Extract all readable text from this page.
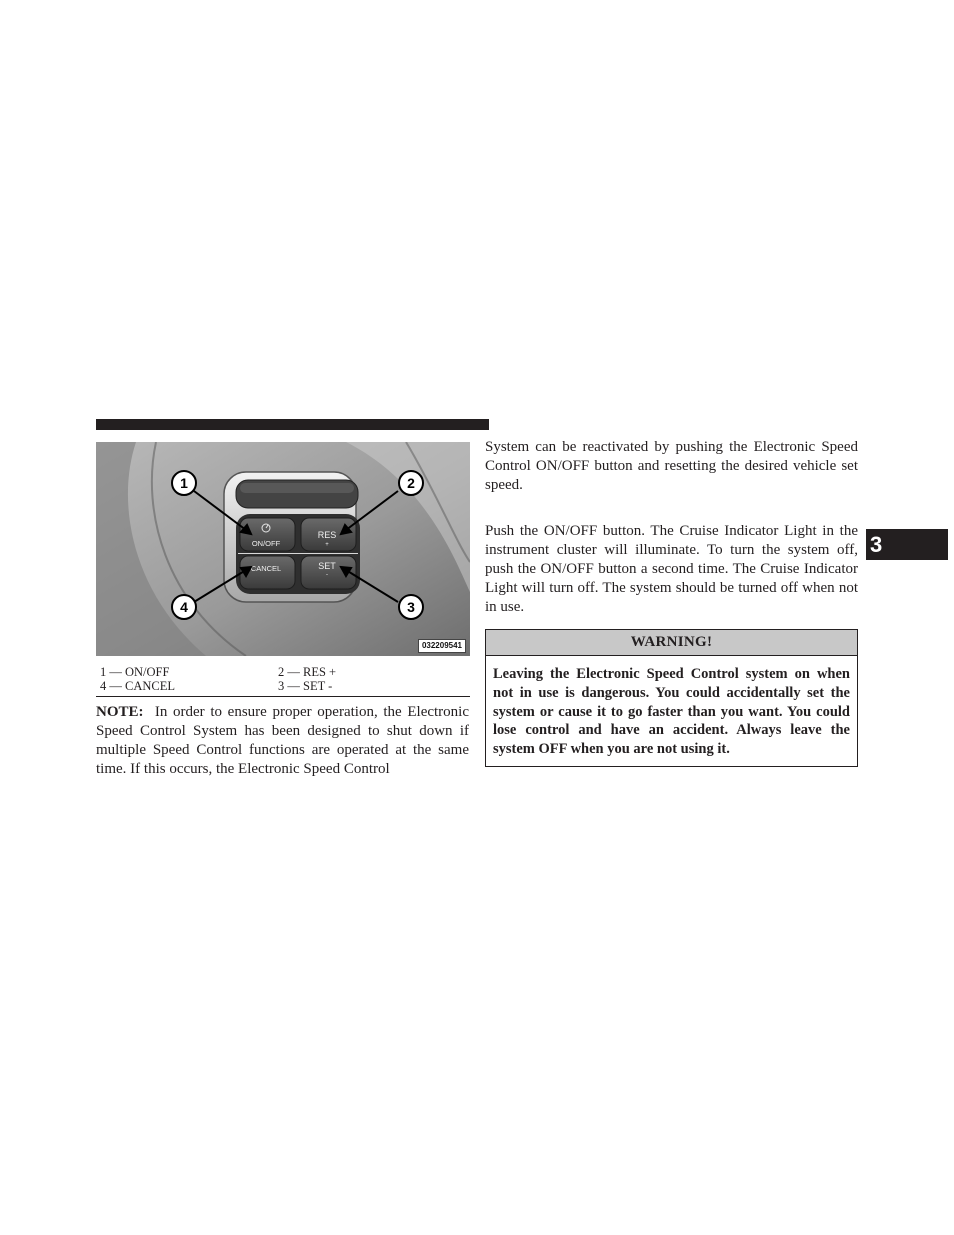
ON/OFF
RES
+
CANCEL	SET
-
1	2
3
4
032209541
1 — ON/OFF	2 — RES +
4 — CANCEL	3 — SET -

NOTE: In order to ensure proper operation, the Electronic Speed Control System has been designed to shut down if multiple Speed Control functions are operated at the same time. If this occurs, the Electronic Speed Control

System can be reactivated by pushing the Electronic Speed Control ON/OFF button and resetting the desired vehicle set speed.

Push the ON/OFF button. The Cruise Indicator Light in the instrument cluster will illuminate. To turn the system off, push the ON/OFF button a second time. The Cruise Indicator Light will turn off. The system should be turned off when not in use.

WARNING!

Leaving the Electronic Speed Control system on when not in use is dangerous. You could accidentally set the system or cause it to go faster than you want. You could lose control and have an accident. Always leave the system OFF when you are not using it.

3
